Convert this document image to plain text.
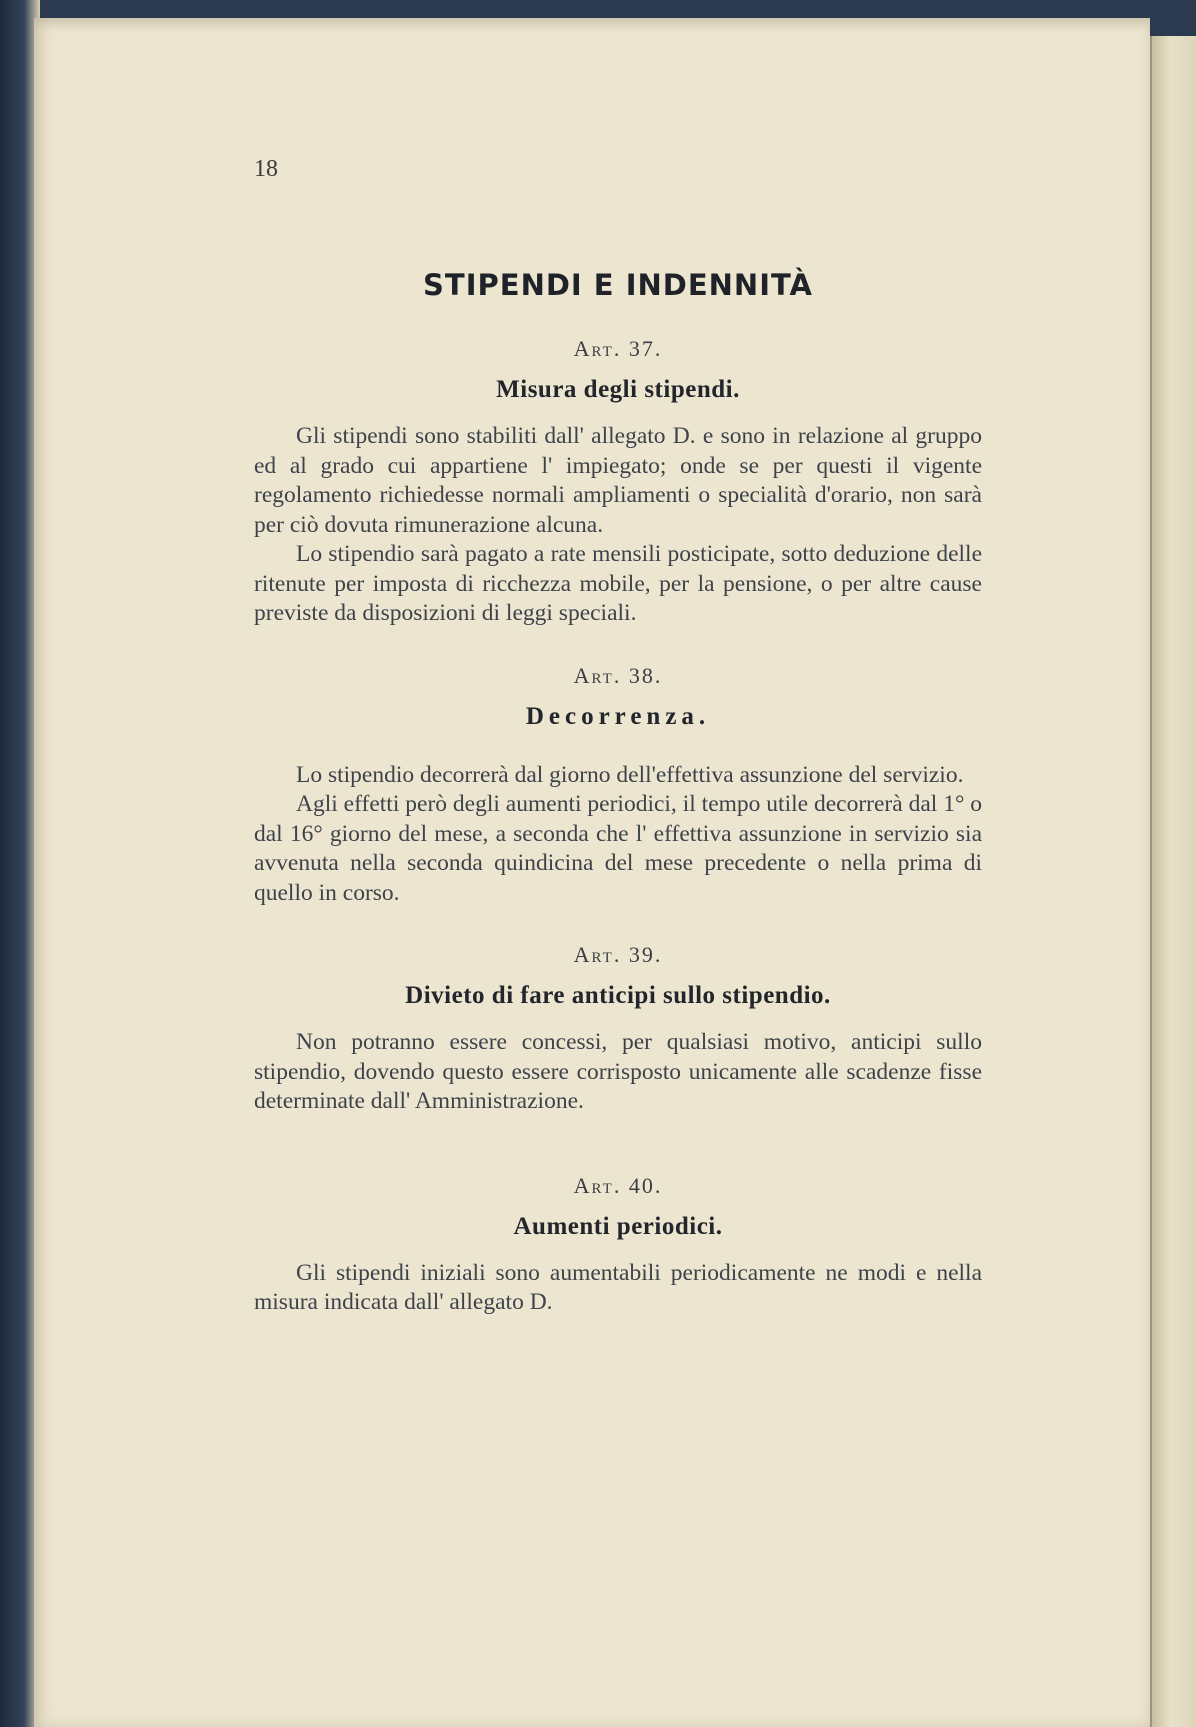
18
STIPENDI E INDENNITÀ
Art. 37.
Misura degli stipendi.

Gli stipendi sono stabiliti dall' allegato D. e sono in relazione al gruppo ed al grado cui appartiene l' impiegato; onde se per questi il vigente regolamento richiedesse normali ampliamenti o specialità d'orario, non sarà per ciò dovuta rimunerazione alcuna.

Lo stipendio sarà pagato a rate mensili posticipate, sotto deduzione delle ritenute per imposta di ricchezza mobile, per la pensione, o per altre cause previste da disposizioni di leggi speciali.

Art. 38.
Decorrenza.

Lo stipendio decorrerà dal giorno dell'effettiva assunzione del servizio.

Agli effetti però degli aumenti periodici, il tempo utile decorrerà dal 1° o dal 16° giorno del mese, a seconda che l' effettiva assunzione in servizio sia avvenuta nella seconda quindicina del mese precedente o nella prima di quello in corso.

Art. 39.
Divieto di fare anticipi sullo stipendio.

Non potranno essere concessi, per qualsiasi motivo, anticipi sullo stipendio, dovendo questo essere corrisposto unicamente alle scadenze fisse determinate dall' Amministrazione.

Art. 40.
Aumenti periodici.

Gli stipendi iniziali sono aumentabili periodicamente ne modi e nella misura indicata dall' allegato D.
